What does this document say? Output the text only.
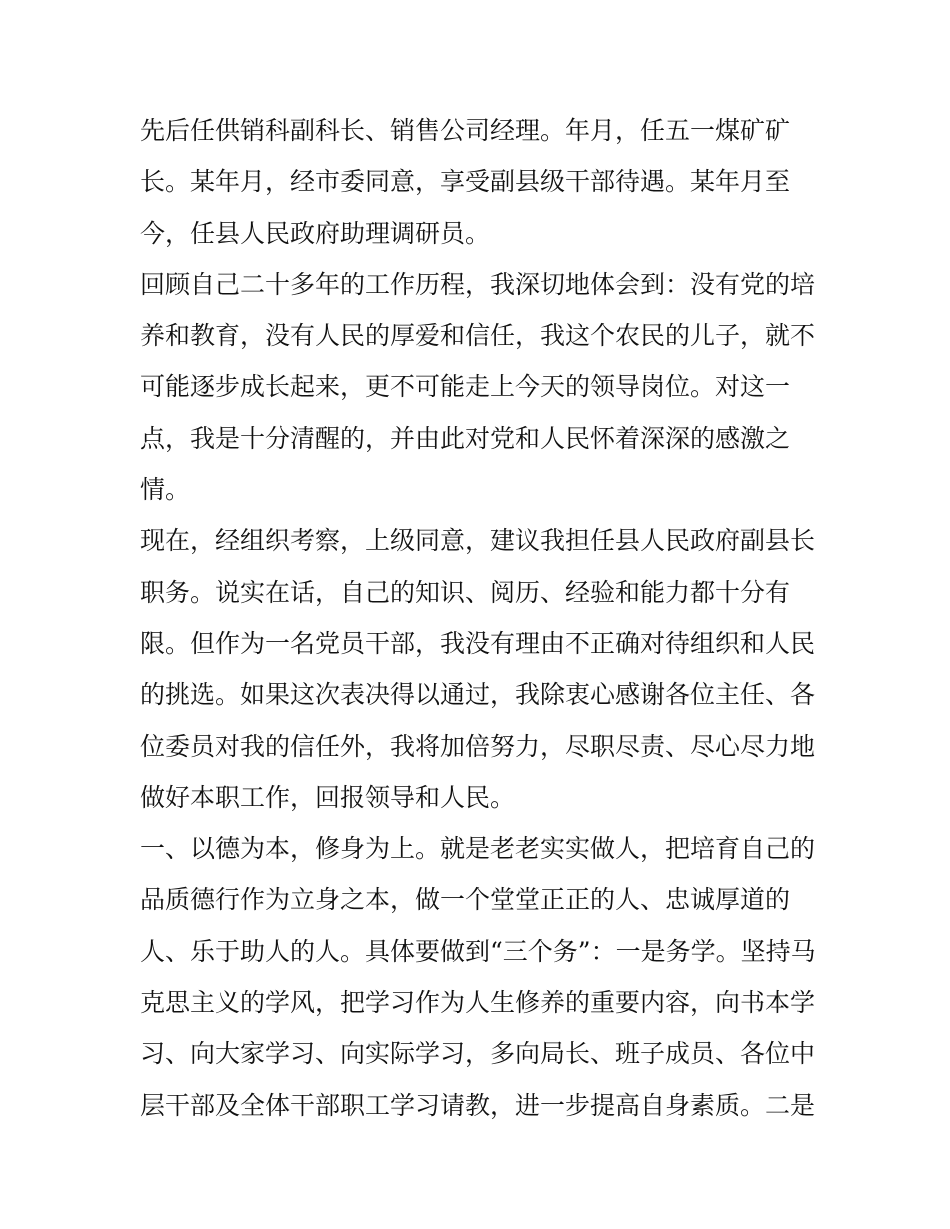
先后任供销科副科长、销售公司经理。年月，任五一煤矿矿
长。某年月，经市委同意，享受副县级干部待遇。某年月至
今，任县人民政府助理调研员。
回顾自己二十多年的工作历程，我深切地体会到：没有党的培
养和教育，没有人民的厚爱和信任，我这个农民的儿子，就不
可能逐步成长起来，更不可能走上今天的领导岗位。对这一
点，我是十分清醒的，并由此对党和人民怀着深深的感激之
情。
现在，经组织考察，上级同意，建议我担任县人民政府副县长
职务。说实在话，自己的知识、阅历、经验和能力都十分有
限。但作为一名党员干部，我没有理由不正确对待组织和人民
的挑选。如果这次表决得以通过，我除衷心感谢各位主任、各
位委员对我的信任外，我将加倍努力，尽职尽责、尽心尽力地
做好本职工作，回报领导和人民。
一、以德为本，修身为上。就是老老实实做人，把培育自己的
品质德行作为立身之本，做一个堂堂正正的人、忠诚厚道的
人、乐于助人的人。具体要做到“三个务”：一是务学。坚持马
克思主义的学风，把学习作为人生修养的重要内容，向书本学
习、向大家学习、向实际学习，多向局长、班子成员、各位中
层干部及全体干部职工学习请教，进一步提高自身素质。二是
